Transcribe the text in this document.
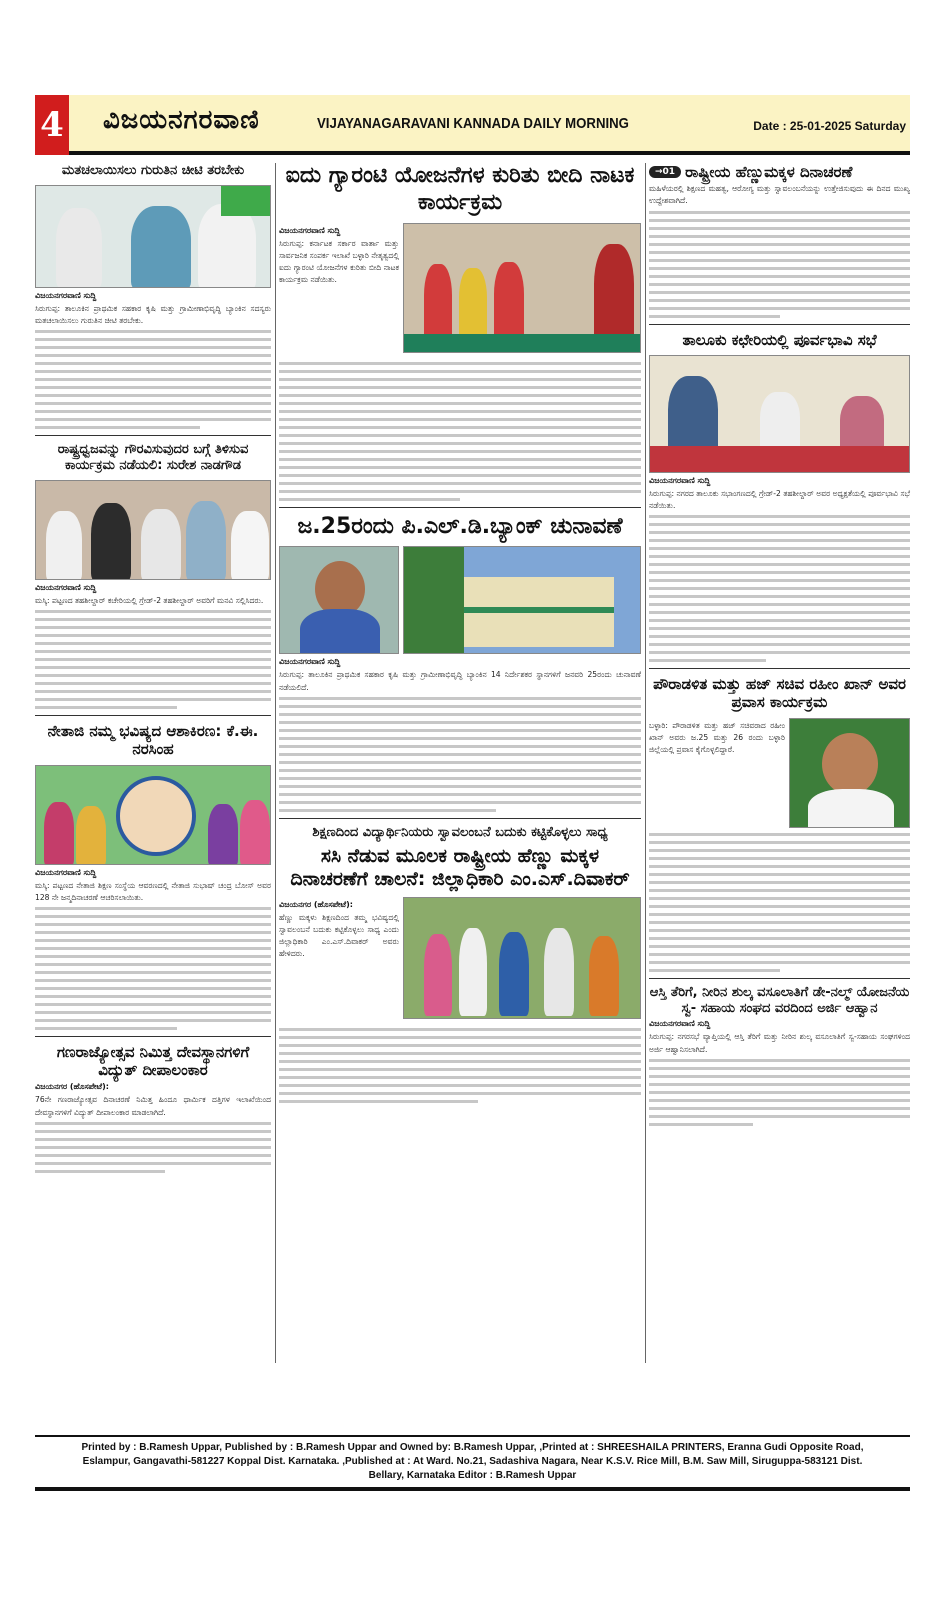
4 ವಿಜಯನಗರವಾಣಿ	VIJAYANAGARAVANI KANNADA DAILY MORNING	Date : 25-01-2025 Saturday
ಮತಚಲಾಯಿಸಲು ಗುರುತಿನ ಚೀಟಿ ತರಬೇಕು
ವಿಜಯನಗರವಾಣಿ ಸುದ್ದಿ
ಸಿರುಗುಪ್ಪ: ತಾಲೂಕಿನ ಪ್ರಾಥಮಿಕ ಸಹಕಾರ ಕೃಷಿ ಮತ್ತು ಗ್ರಾಮೀಣಾಭಿವೃದ್ಧಿ ಬ್ಯಾಂಕಿನ ಸದಸ್ಯರು ಮತಚಲಾಯಿಸಲು ಗುರುತಿನ ಚೀಟಿ ತರಬೇಕು.
ರಾಷ್ಟ್ರಧ್ವಜವನ್ನು ಗೌರವಿಸುವುದರ ಬಗ್ಗೆ ತಿಳಿಸುವ ಕಾರ್ಯಕ್ರಮ ನಡೆಯಲಿ: ಸುರೇಶ ನಾಡಗೌಡ
ವಿಜಯನಗರವಾಣಿ ಸುದ್ದಿ
ಮಸ್ಕಿ: ಪಟ್ಟಣದ ತಹಶೀಲ್ದಾರ್ ಕಚೇರಿಯಲ್ಲಿ ಗ್ರೇಡ್-2 ತಹಶೀಲ್ದಾರ್ ಅವರಿಗೆ ಮನವಿ ಸಲ್ಲಿಸಿದರು.
ನೇತಾಜಿ ನಮ್ಮ ಭವಿಷ್ಯದ ಆಶಾಕಿರಣ: ಕೆ.ಈ. ನರಸಿಂಹ
ವಿಜಯನಗರವಾಣಿ ಸುದ್ದಿ
ಮಸ್ಕಿ: ಪಟ್ಟಣದ ನೇತಾಜಿ ಶಿಕ್ಷಣ ಸಂಸ್ಥೆಯ ಆವರಣದಲ್ಲಿ ನೇತಾಜಿ ಸುಭಾಷ್ ಚಂದ್ರ ಬೋಸ್ ಅವರ 128 ನೇ ಜನ್ಮದಿನಾಚರಣೆ ಆಚರಿಸಲಾಯಿತು.
ಗಣರಾಜ್ಯೋತ್ಸವ ನಿಮಿತ್ತ ದೇವಸ್ಥಾನಗಳಿಗೆ ವಿದ್ಯುತ್ ದೀಪಾಲಂಕಾರ
ವಿಜಯನಗರ (ಹೊಸಪೇಟೆ):
76ನೇ ಗಣರಾಜ್ಯೋತ್ಸವ ದಿನಾಚರಣೆ ನಿಮಿತ್ತ ಹಿಂದೂ ಧಾರ್ಮಿಕ ದತ್ತಿಗಳ ಇಲಾಖೆಯಿಂದ ದೇವಸ್ಥಾನಗಳಿಗೆ ವಿದ್ಯುತ್ ದೀಪಾಲಂಕಾರ ಮಾಡಲಾಗಿದೆ.
ಐದು ಗ್ಯಾರಂಟಿ ಯೋಜನೆಗಳ ಕುರಿತು ಬೀದಿ ನಾಟಕ ಕಾರ್ಯಕ್ರಮ
ವಿಜಯನಗರವಾಣಿ ಸುದ್ದಿ
ಸಿರುಗುಪ್ಪ: ಕರ್ನಾಟಕ ಸರ್ಕಾರ ವಾರ್ತಾ ಮತ್ತು ಸಾರ್ವಜನಿಕ ಸಂಪರ್ಕ ಇಲಾಖೆ ಬಳ್ಳಾರಿ ನೇತೃತ್ವದಲ್ಲಿ ಐದು ಗ್ಯಾರಂಟಿ ಯೋಜನೆಗಳ ಕುರಿತು ಬೀದಿ ನಾಟಕ ಕಾರ್ಯಕ್ರಮ ನಡೆಯಿತು.
ಜ.25ರಂದು ಪಿ.ಎಲ್.ಡಿ.ಬ್ಯಾಂಕ್ ಚುನಾವಣೆ
ವಿಜಯನಗರವಾಣಿ ಸುದ್ದಿ
ಸಿರುಗುಪ್ಪ: ತಾಲೂಕಿನ ಪ್ರಾಥಮಿಕ ಸಹಕಾರ ಕೃಷಿ ಮತ್ತು ಗ್ರಾಮೀಣಾಭಿವೃದ್ಧಿ ಬ್ಯಾಂಕಿನ 14 ನಿರ್ದೇಶಕರ ಸ್ಥಾನಗಳಿಗೆ ಜನವರಿ 25ರಂದು ಚುನಾವಣೆ ನಡೆಯಲಿದೆ.
ಶಿಕ್ಷಣದಿಂದ ವಿದ್ಯಾರ್ಥಿನಿಯರು ಸ್ವಾವಲಂಬನೆ ಬದುಕು ಕಟ್ಟಿಕೊಳ್ಳಲು ಸಾಧ್ಯ
ಸಸಿ ನೆಡುವ ಮೂಲಕ ರಾಷ್ಟ್ರೀಯ ಹೆಣ್ಣು ಮಕ್ಕಳ ದಿನಾಚರಣೆಗೆ ಚಾಲನೆ: ಜಿಲ್ಲಾಧಿಕಾರಿ ಎಂ.ಎಸ್.ದಿವಾಕರ್
ವಿಜಯನಗರ (ಹೊಸಪೇಟೆ):
ಹೆಣ್ಣು ಮಕ್ಕಳು ಶಿಕ್ಷಣದಿಂದ ತಮ್ಮ ಭವಿಷ್ಯದಲ್ಲಿ ಸ್ವಾವಲಂಬನೆ ಬದುಕು ಕಟ್ಟಿಕೊಳ್ಳಲು ಸಾಧ್ಯ ಎಂದು ಜಿಲ್ಲಾಧಿಕಾರಿ ಎಂ.ಎಸ್.ದಿವಾಕರ್ ಅವರು ಹೇಳಿದರು.
→01 ರಾಷ್ಟ್ರೀಯ ಹೆಣ್ಣುಮಕ್ಕಳ ದಿನಾಚರಣೆ
ಮಹಿಳೆಯರಲ್ಲಿ ಶಿಕ್ಷಣದ ಮಹತ್ವ, ಆರೋಗ್ಯ ಮತ್ತು ಸ್ವಾವಲಂಬನೆಯನ್ನು ಉತ್ತೇಜಿಸುವುದು ಈ ದಿನದ ಮುಖ್ಯ ಉದ್ದೇಶವಾಗಿದೆ.
ತಾಲೂಕು ಕಛೇರಿಯಲ್ಲಿ ಪೂರ್ವಭಾವಿ ಸಭೆ
ವಿಜಯನಗರವಾಣಿ ಸುದ್ದಿ
ಸಿರುಗುಪ್ಪ: ನಗರದ ತಾಲೂಕು ಸಭಾಂಗಣದಲ್ಲಿ ಗ್ರೇಡ್-2 ತಹಶೀಲ್ದಾರ್ ಅವರ ಅಧ್ಯಕ್ಷತೆಯಲ್ಲಿ ಪೂರ್ವಭಾವಿ ಸಭೆ ನಡೆಯಿತು.
ಪೌರಾಡಳಿತ ಮತ್ತು ಹಜ್ ಸಚಿವ ರಹೀಂ ಖಾನ್ ಅವರ ಪ್ರವಾಸ ಕಾರ್ಯಕ್ರಮ
ಬಳ್ಳಾರಿ: ಪೌರಾಡಳಿತ ಮತ್ತು ಹಜ್ ಸಚಿವರಾದ ರಹೀಂ ಖಾನ್ ಅವರು ಜ.25 ಮತ್ತು 26 ರಂದು ಬಳ್ಳಾರಿ ಜಿಲ್ಲೆಯಲ್ಲಿ ಪ್ರವಾಸ ಕೈಗೊಳ್ಳಲಿದ್ದಾರೆ.
ಆಸ್ತಿ ತೆರಿಗೆ, ನೀರಿನ ಶುಲ್ಕ ವಸೂಲಾತಿಗೆ ಡೇ-ನಲ್ಮ್ ಯೋಜನೆಯ ಸ್ವ- ಸಹಾಯ ಸಂಘದ ವರದಿಂದ ಅರ್ಜಿ ಆಹ್ವಾನ
ವಿಜಯನಗರವಾಣಿ ಸುದ್ದಿ
ಸಿರುಗುಪ್ಪ: ನಗರಸಭೆ ವ್ಯಾಪ್ತಿಯಲ್ಲಿ ಆಸ್ತಿ ತೆರಿಗೆ ಮತ್ತು ನೀರಿನ ಶುಲ್ಕ ವಸೂಲಾತಿಗೆ ಸ್ವ-ಸಹಾಯ ಸಂಘಗಳಿಂದ ಅರ್ಜಿ ಆಹ್ವಾನಿಸಲಾಗಿದೆ.
Printed by : B.Ramesh Uppar, Published by : B.Ramesh Uppar and Owned by: B.Ramesh Uppar, ,Printed at : SHREESHAILA PRINTERS, Eranna Gudi Opposite Road,
Eslampur, Gangavathi-581227 Koppal Dist. Karnataka. ,Published at : At Ward. No.21, Sadashiva Nagara, Near K.S.V. Rice Mill, B.M. Saw Mill, Siruguppa-583121 Dist.
Bellary, Karnataka Editor : B.Ramesh Uppar
